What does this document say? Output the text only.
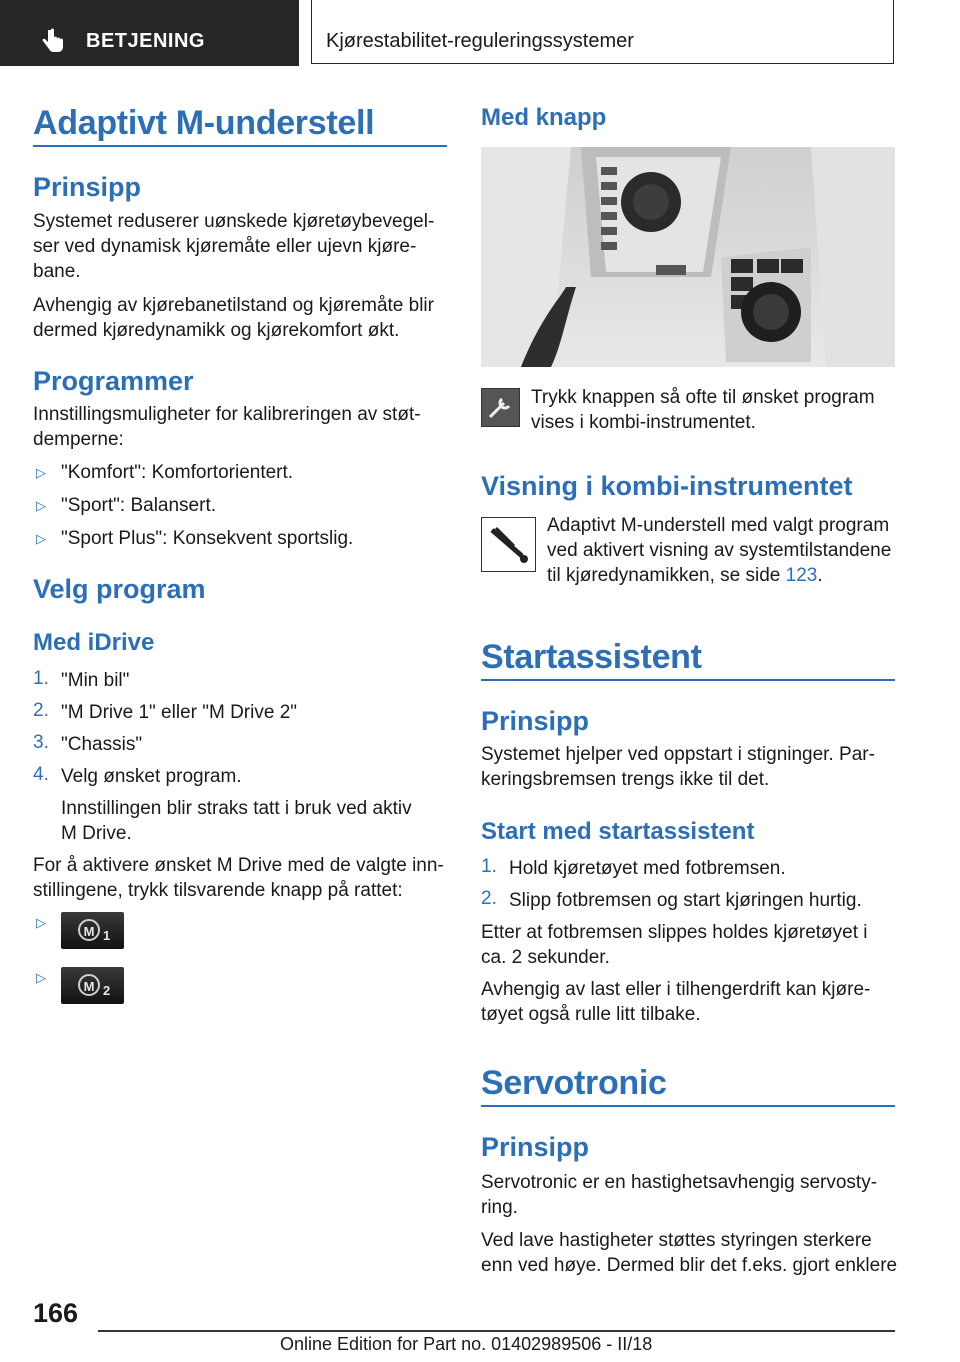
BETJENING	Kjørestabilitet-reguleringssystemer
Adaptivt M-understell
Prinsipp
Systemet reduserer uønskede kjøretøybevegel-
ser ved dynamisk kjøremåte eller ujevn kjøre-
bane.
Avhengig av kjørebanetilstand og kjøremåte blir
dermed kjøredynamikk og kjørekomfort økt.
Programmer
Innstillingsmuligheter for kalibreringen av støt-
demperne:
▷ "Komfort": Komfortorientert.
▷ "Sport": Balansert.
▷ "Sport Plus": Konsekvent sportslig.
Velg program
Med iDrive
1. "Min bil"
2. "M Drive 1" eller "M Drive 2"
3. "Chassis"
4. Velg ønsket program.
Innstillingen blir straks tatt i bruk ved aktiv
M Drive.
For å aktivere ønsket M Drive med de valgte inn-
stillingene, trykk tilsvarende knapp på rattet:
▷
M 1
▷
M 2
Med knapp
Trykk knappen så ofte til ønsket program
vises i kombi-instrumentet.
Visning i kombi-instrumentet
Adaptivt M-understell med valgt program
ved aktivert visning av systemtilstandene
til kjøredynamikken, se side 123.
Startassistent
Prinsipp
Systemet hjelper ved oppstart i stigninger. Par-
keringsbremsen trengs ikke til det.
Start med startassistent
1. Hold kjøretøyet med fotbremsen.
2. Slipp fotbremsen og start kjøringen hurtig.
Etter at fotbremsen slippes holdes kjøretøyet i
ca. 2 sekunder.
Avhengig av last eller i tilhengerdrift kan kjøre-
tøyet også rulle litt tilbake.
Servotronic
Prinsipp
Servotronic er en hastighetsavhengig servosty-
ring.
Ved lave hastigheter støttes styringen sterkere
enn ved høye. Dermed blir det f.eks. gjort enklere
166
Online Edition for Part no. 01402989506 - II/18
